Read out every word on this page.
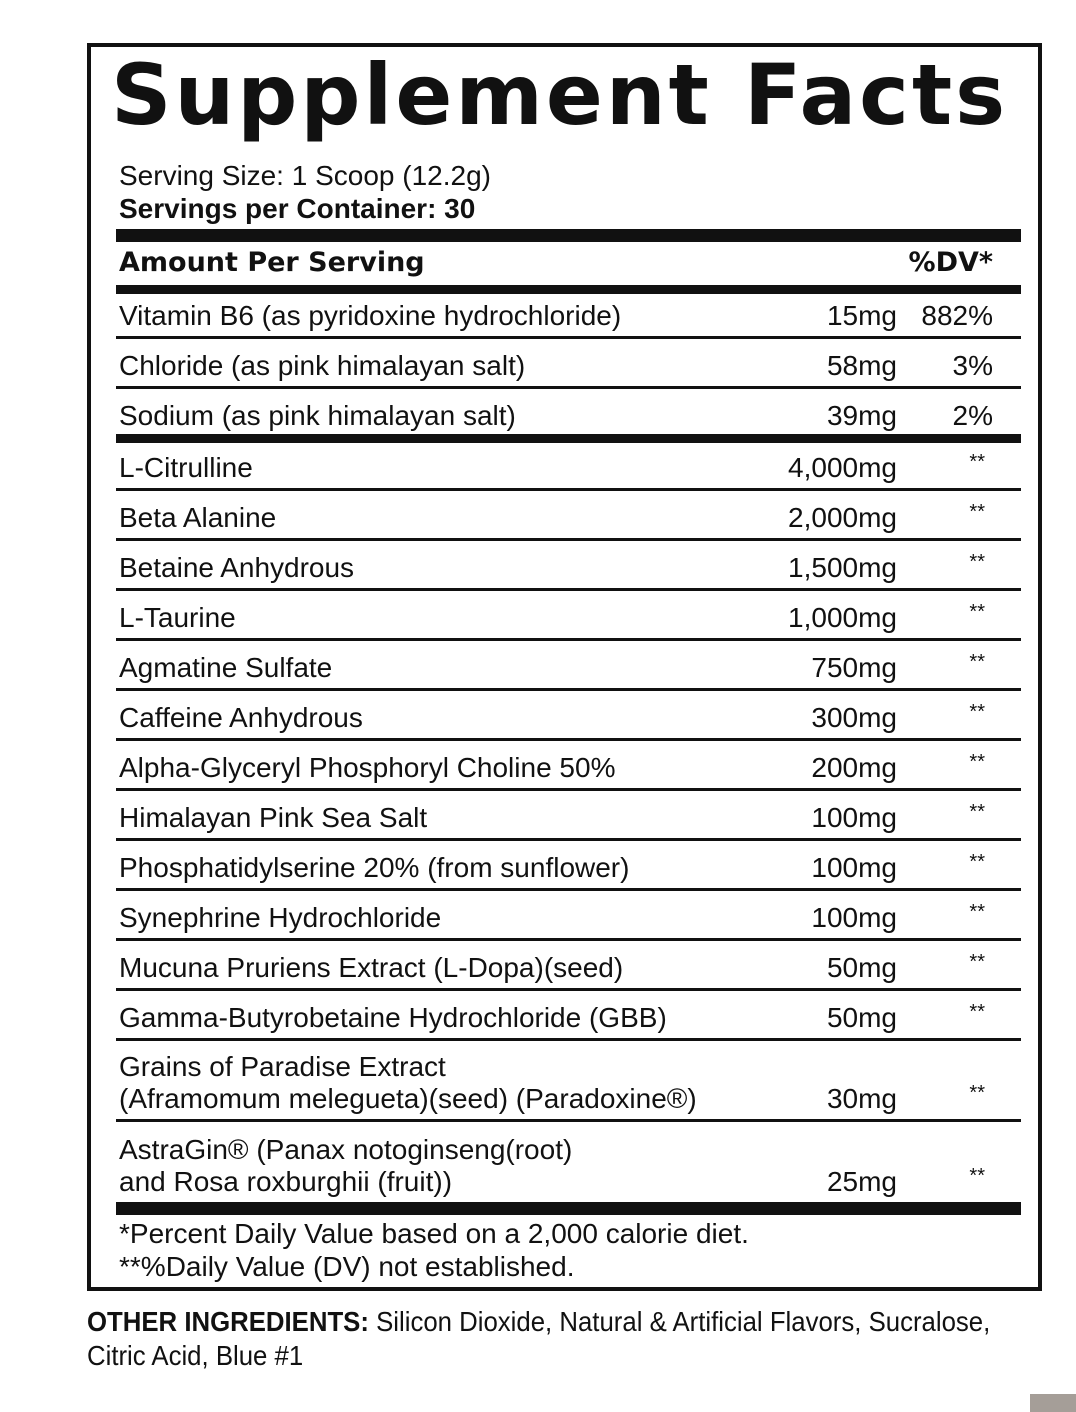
Supplement Facts
Serving Size: 1 Scoop (12.2g)
Servings per Container: 30
Amount Per Serving	%DV*
Vitamin B6 (as pyridoxine hydrochloride)	15mg 882%
Chloride (as pink himalayan salt)	58mg 3%
Sodium (as pink himalayan salt)	39mg 2%
L-Citrulline	4,000mg	**
Beta Alanine	2,000mg	**
Betaine Anhydrous	1,500mg	**
L-Taurine	1,000mg	**
Agmatine Sulfate	750mg	**
Caffeine Anhydrous	300mg	**
Alpha-Glyceryl Phosphoryl Choline 50%	200mg	**
Himalayan Pink Sea Salt	100mg	**
Phosphatidylserine 20% (from sunflower)	100mg	**
Synephrine Hydrochloride	100mg	**
Mucuna Pruriens Extract (L-Dopa)(seed)	50mg	**
Gamma-Butyrobetaine Hydrochloride (GBB)	50mg	**
Grains of Paradise Extract
(Aframomum melegueta)(seed) (Paradoxine®)	30mg	**
AstraGin® (Panax notoginseng(root)
and Rosa roxburghii (fruit))	25mg	**
*Percent Daily Value based on a 2,000 calorie diet.
**%Daily Value (DV) not established.
OTHER INGREDIENTS: Silicon Dioxide, Natural & Artificial Flavors, Sucralose, Citric Acid, Blue #1
